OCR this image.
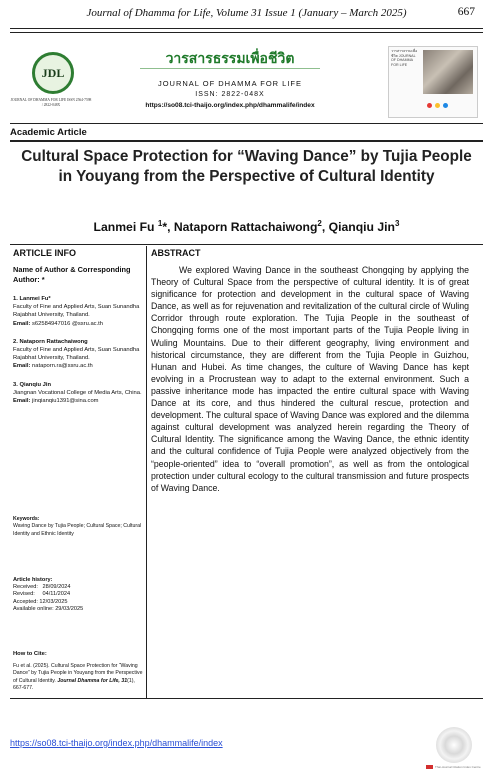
Journal of Dhamma for Life, Volume 31 Issue 1 (January – March 2025)	667
JDL
JOURNAL OF DHAMMA FOR LIFE ISSN 2564-7598 / 2822-048X
วารสารธรรมเพื่อชีวิต
JOURNAL OF DHAMMA FOR LIFE
ISSN: 2822-048X
https://so08.tci-thaijo.org/index.php/dhammalife/index
วารสารธรรมเพื่อชีวิต JOURNAL OF DHAMMA FOR LIFE
Academic Article
Cultural Space Protection for “Waving Dance” by Tujia People in Youyang from the Perspective of Cultural Identity
Lanmei Fu $^1$*, Nataporn Rattachaiwong$^2$, Qianqiu Jin$^3$
ARTICLE INFO
Name of Author & Corresponding Author: *
1. Lanmei Fu*
Faculty of Fine and Applied Arts, Suan Sunandha Rajabhat University, Thailand.
Email: s62584947016 @ssru.ac.th
2. Nataporn Rattachaiwong
Faculty of Fine and Applied Arts, Suan Sunandha Rajabhat University, Thailand.
Email: nataporn.ra@ssru.ac.th
3. Qianqiu Jin
Jiangnan Vocational College of Media Arts, China.
Email: jinqianqiu1391@sina.com
Keywords:
Waving Dance by Tujia People; Cultural Space; Cultural Identity and Ethnic Identity
Article history:
Received:   28/09/2024
Revised:     04/11/2024
Accepted: 12/03/2025
Available online: 29/03/2025
How to Cite:
Fu et al. (2025). Cultural Space Protection for “Waving Dance” by Tujia People in Youyang from the Perspective of Cultural Identity. Journal Dhamma for Life, 31(1), 667-677.
ABSTRACT
We explored Waving Dance in the southeast Chongqing by applying the Theory of Cultural Space from the perspective of cultural identity. It is of great significance for protection and development in the cultural space of Waving Dance, as well as for rejuvenation and revitalization of the cultural circle of Wuling Corridor through route exploration. The Tujia People in the southeast of Chongqing forms one of the most important parts of the Tujia People living in Wuling Mountains. Due to their different geography, living environment and historical circumstance, they are different from the Tujia People in Guizhou, Hunan and Hubei. As time changes, the culture of Waving Dance has kept evolving in a Procrustean way to adapt to the external environment. Such a passive inheritance mode has impacted the entire cultural space with Waving Dance at its core, and thus hindered the cultural rescue, protection and development. The cultural space of Waving Dance was explored and the dilemma against cultural development was analyzed herein regarding the Theory of Cultural Identity. The significance among the Waving Dance, the ethnic identity and the cultural confidence of Tujia People were analyzed objectively from the “people-oriented” idea to “overall promotion”, as well as from the ontological protection under cultural ecology to the cultural transmission and future prospects of Waving Dance.
https://so08.tci-thaijo.org/index.php/dhammalife/index
Thai-Journal Citation Index Centre
